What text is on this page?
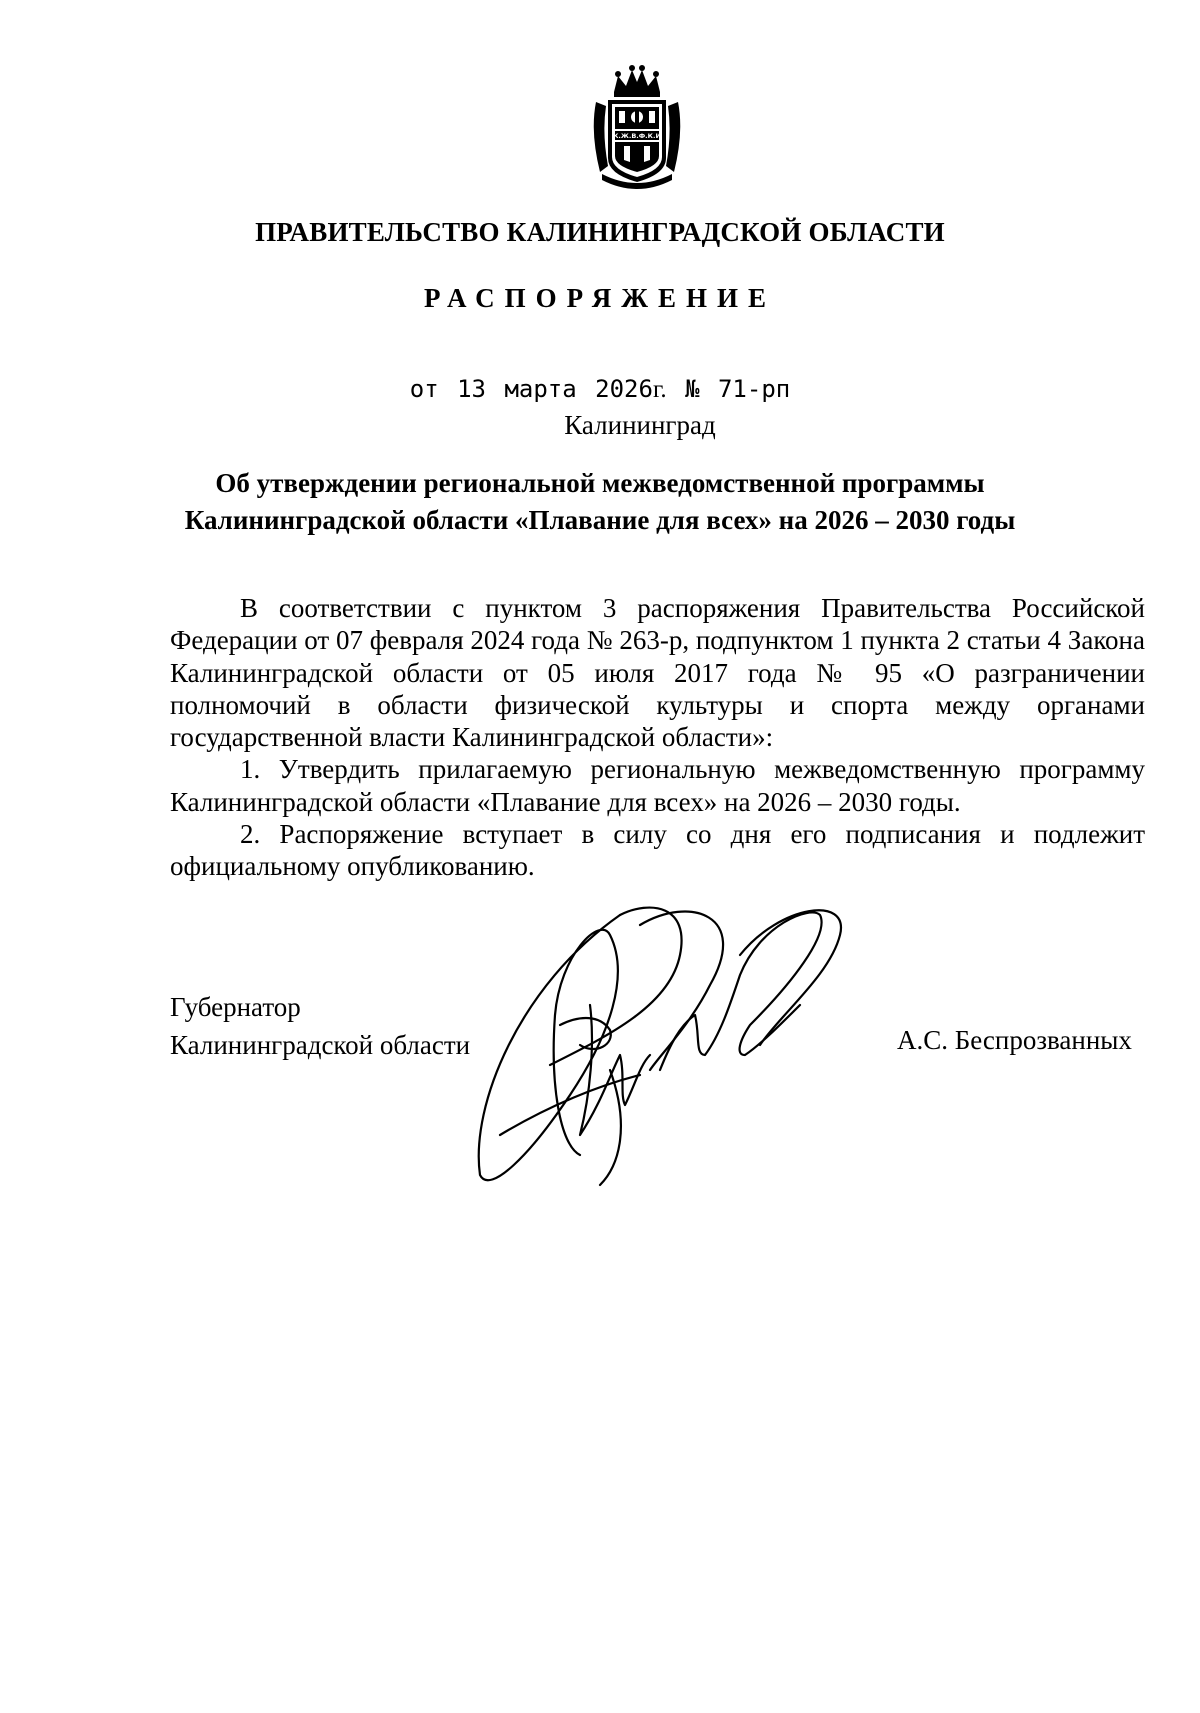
К.Ж.В.Ф.К.И
ПРАВИТЕЛЬСТВО КАЛИНИНГРАДСКОЙ ОБЛАСТИ
РАСПОРЯЖЕНИЕ
от 13 марта 2026г. № 71-рп
Калининград
Об утверждении региональной межведомственной программы
Калининградской области «Плавание для всех» на 2026 – 2030 годы

В соответствии с пунктом 3 распоряжения Правительства Российской Федерации от 07 февраля 2024 года № 263-р, подпунктом 1 пункта 2 статьи 4 Закона Калининградской области от 05 июля 2017 года № 95 «О разграничении полномочий в области физической культуры и спорта между органами государственной власти Калининградской области»:

1. Утвердить прилагаемую региональную межведомственную программу Калининградской области «Плавание для всех» на 2026 – 2030 годы.

2. Распоряжение вступает в силу со дня его подписания и подлежит официальному опубликованию.

Губернатор
Калининградской области	А.С. Беспрозванных
